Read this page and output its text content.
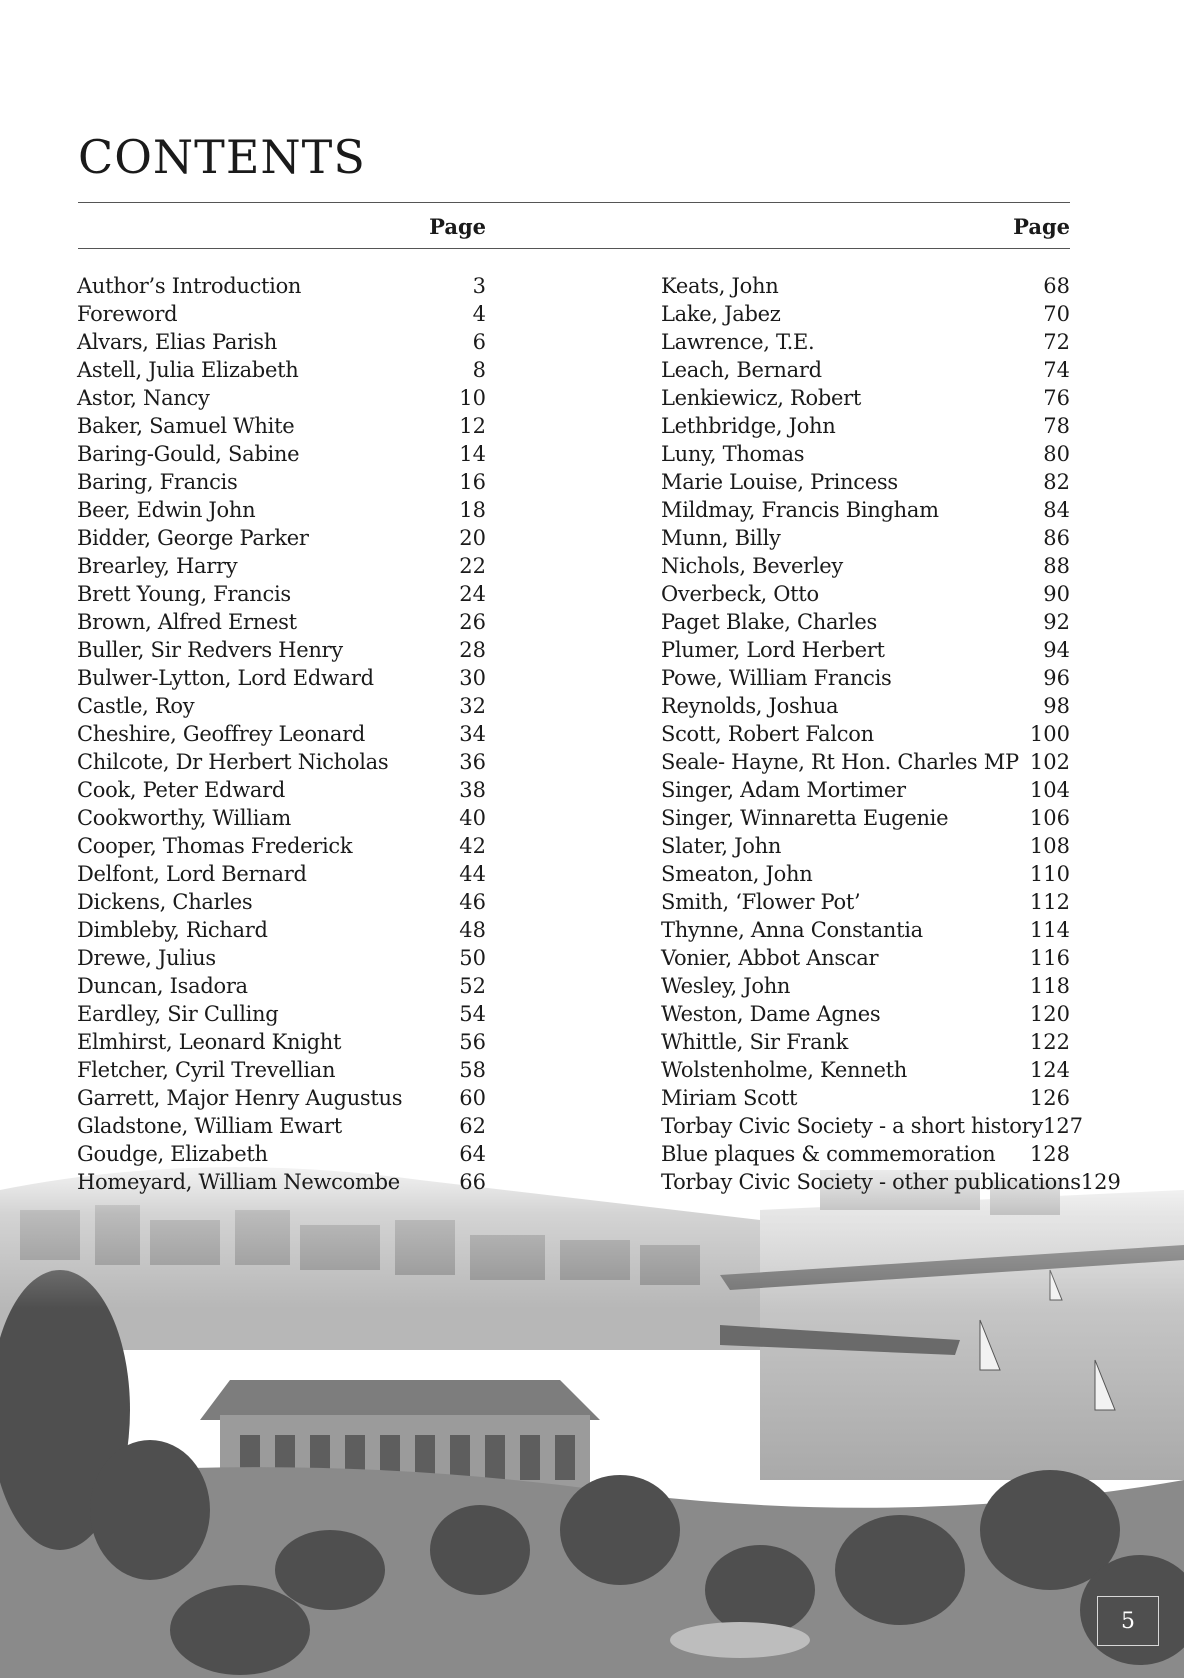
CONTENTS
Page	Page
Author’s Introduction	3
Foreword	4
Alvars, Elias Parish	6
Astell, Julia Elizabeth	8
Astor, Nancy	10
Baker, Samuel White	12
Baring-Gould, Sabine	14
Baring, Francis	16
Beer, Edwin John	18
Bidder, George Parker	20
Brearley, Harry	22
Brett Young, Francis	24
Brown, Alfred Ernest	26
Buller, Sir Redvers Henry	28
Bulwer-Lytton, Lord Edward	30
Castle, Roy	32
Cheshire, Geoffrey Leonard	34
Chilcote, Dr Herbert Nicholas	36
Cook, Peter Edward	38
Cookworthy, William	40
Cooper, Thomas Frederick	42
Delfont, Lord Bernard	44
Dickens, Charles	46
Dimbleby, Richard	48
Drewe, Julius	50
Duncan, Isadora	52
Eardley, Sir Culling	54
Elmhirst, Leonard Knight	56
Fletcher, Cyril Trevellian	58
Garrett, Major Henry Augustus	60
Gladstone, William Ewart	62
Goudge, Elizabeth	64
Homeyard, William Newcombe	66
Keats, John	68
Lake, Jabez	70
Lawrence, T.E.	72
Leach, Bernard	74
Lenkiewicz, Robert	76
Lethbridge, John	78
Luny, Thomas	80
Marie Louise, Princess	82
Mildmay, Francis Bingham	84
Munn, Billy	86
Nichols, Beverley	88
Overbeck, Otto	90
Paget Blake, Charles	92
Plumer, Lord Herbert	94
Powe, William Francis	96
Reynolds, Joshua	98
Scott, Robert Falcon	100
Seale- Hayne, Rt Hon. Charles MP 102
Singer, Adam Mortimer	104
Singer, Winnaretta Eugenie	106
Slater, John	108
Smeaton, John	110
Smith, ‘Flower Pot’	112
Thynne, Anna Constantia	114
Vonier, Abbot Anscar	116
Wesley, John	118
Weston, Dame Agnes	120
Whittle, Sir Frank	122
Wolstenholme, Kenneth	124
Miriam Scott	126
Torbay Civic Society - a short history 127
Blue plaques & commemoration 128
Torbay Civic Society - other publications 129
5
